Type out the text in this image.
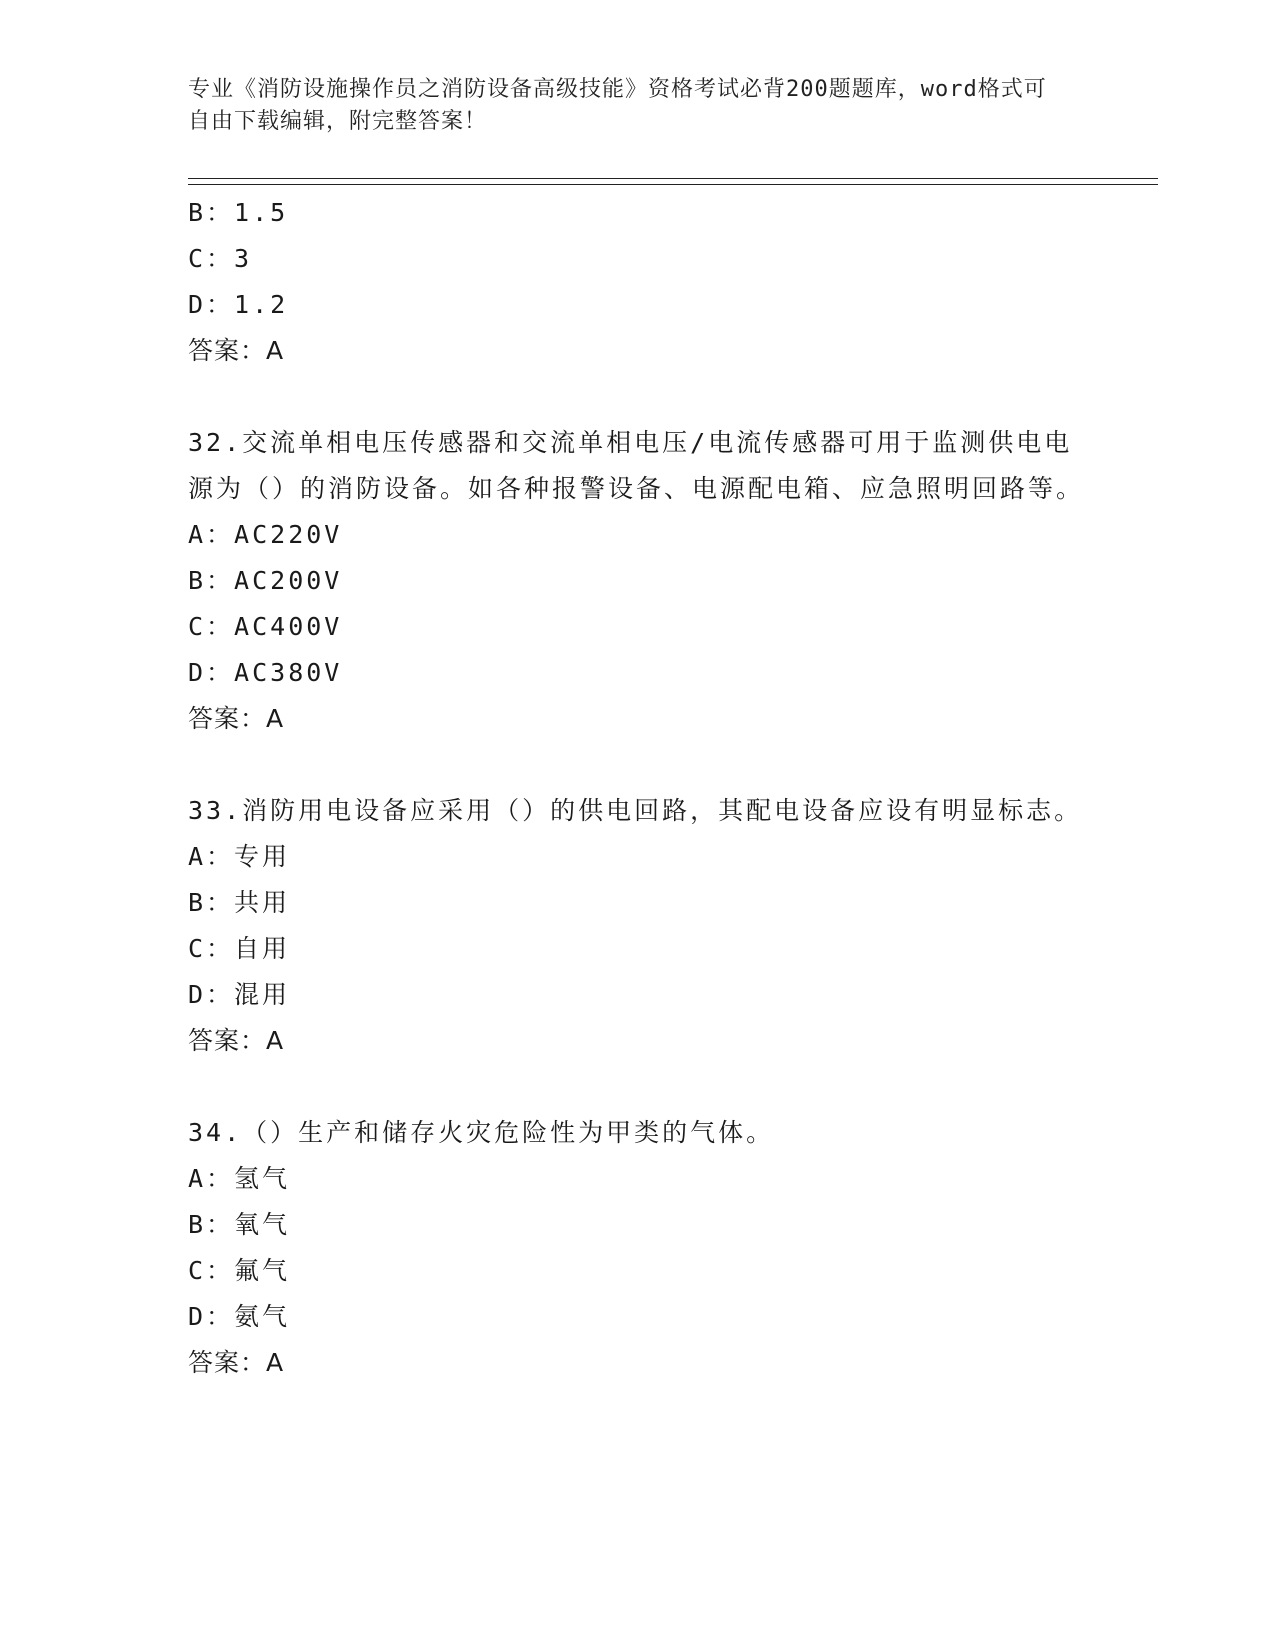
专业《消防设施操作员之消防设备高级技能》资格考试必背200题题库，word格式可自由下载编辑，附完整答案！
B：1.5
C：3
D：1.2
答案：A
32.交流单相电压传感器和交流单相电压/电流传感器可用于监测供电电源为（）的消防设备。如各种报警设备、电源配电箱、应急照明回路等。
A：AC220V
B：AC200V
C：AC400V
D：AC380V
答案：A
33.消防用电设备应采用（）的供电回路，其配电设备应设有明显标志。
A：专用
B：共用
C：自用
D：混用
答案：A
34.（）生产和储存火灾危险性为甲类的气体。
A：氢气
B：氧气
C：氟气
D：氨气
答案：A
